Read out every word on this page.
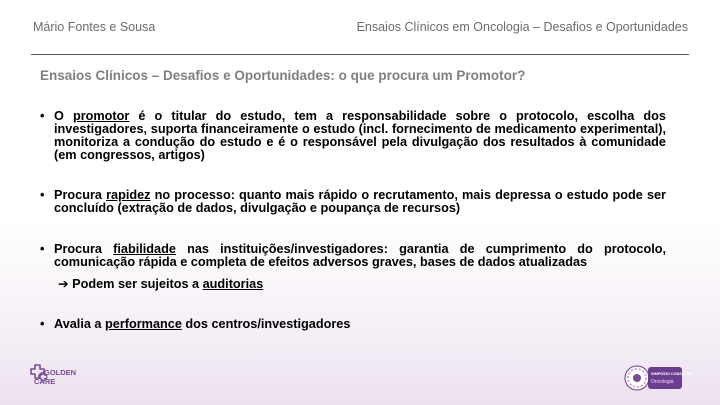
Mário Fontes e Sousa	Ensaios Clínicos em Oncologia – Desafios e Oportunidades
Ensaios Clínicos – Desafios e Oportunidades: o que procura um Promotor?
• O promotor é o titular do estudo, tem a responsabilidade sobre o protocolo, escolha dos investigadores, suporta financeiramente o estudo (incl. fornecimento de medicamento experimental), monitoriza a condução do estudo e é o responsável pela divulgação dos resultados à comunidade (em congressos, artigos)
• Procura rapidez no processo: quanto mais rápido o recrutamento, mais depressa o estudo pode ser concluído (extração de dados, divulgação e poupança de recursos)
• Procura fiabilidade nas instituições/investigadores: garantia de cumprimento do protocolo, comunicação rápida e completa de efeitos adversos graves, bases de dados atualizadas
• Avalia a performance dos centros/investigadores
➔ Podem ser sujeitos a auditorias
GOLDEN
CARE
SIMPÓSIO CONSELHO
Oncologia
